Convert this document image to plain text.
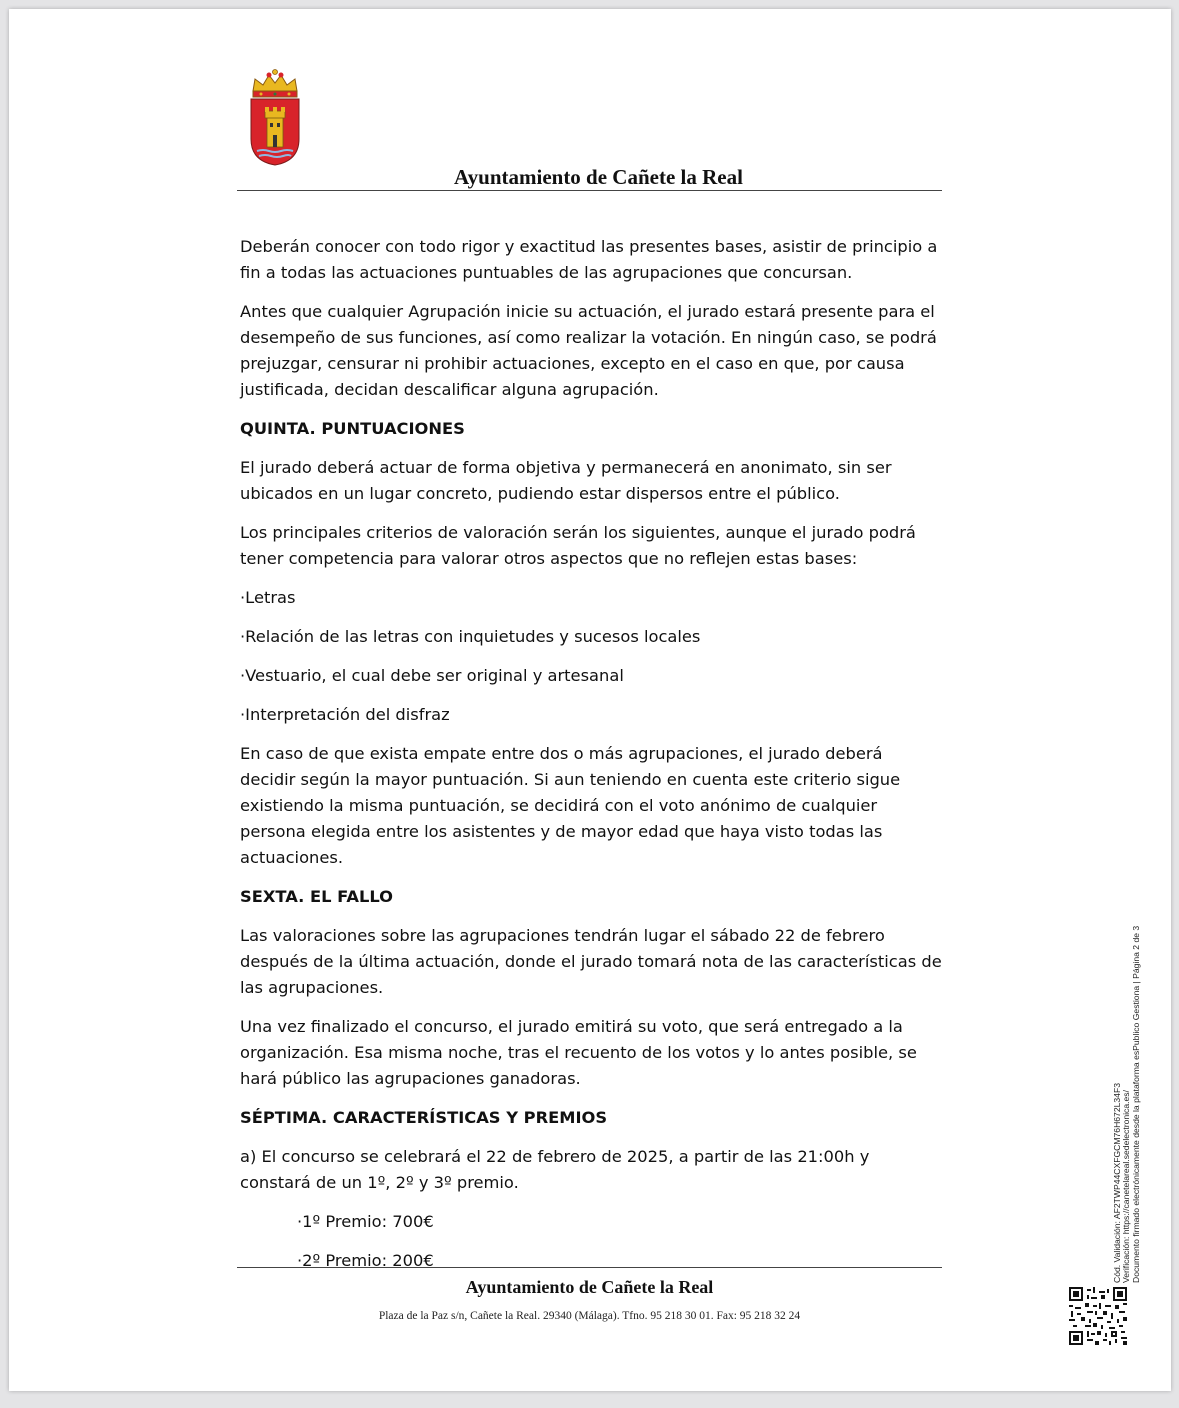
Ayuntamiento de Cañete la Real

Deberán conocer con todo rigor y exactitud las presentes bases, asistir de principio a fin a todas las actuaciones puntuables de las agrupaciones que concursan.

Antes que cualquier Agrupación inicie su actuación, el jurado estará presente para el desempeño de sus funciones, así como realizar la votación. En ningún caso, se podrá prejuzgar, censurar ni prohibir actuaciones, excepto en el caso en que, por causa justificada, decidan descalificar alguna agrupación.

QUINTA. PUNTUACIONES

El jurado deberá actuar de forma objetiva y permanecerá en anonimato, sin ser ubicados en un lugar concreto, pudiendo estar dispersos entre el público.

Los principales criterios de valoración serán los siguientes, aunque el jurado podrá tener competencia para valorar otros aspectos que no reflejen estas bases:

·Letras

·Relación de las letras con inquietudes y sucesos locales

·Vestuario, el cual debe ser original y artesanal

·Interpretación del disfraz

En caso de que exista empate entre dos o más agrupaciones, el jurado deberá decidir según la mayor puntuación. Si aun teniendo en cuenta este criterio sigue existiendo la misma puntuación, se decidirá con el voto anónimo de cualquier persona elegida entre los asistentes y de mayor edad que haya visto todas las actuaciones.

SEXTA. EL FALLO

Las valoraciones sobre las agrupaciones tendrán lugar el sábado 22 de febrero después de la última actuación, donde el jurado tomará nota de las características de las agrupaciones.

Una vez finalizado el concurso, el jurado emitirá su voto, que será entregado a la organización. Esa misma noche, tras el recuento de los votos y lo antes posible, se hará público las agrupaciones ganadoras.

SÉPTIMA. CARACTERÍSTICAS Y PREMIOS

a) El concurso se celebrará el 22 de febrero de 2025, a partir de las 21:00h y constará de un 1º, 2º y 3º premio.

·1º Premio: 700€

·2º Premio: 200€

Ayuntamiento de Cañete la Real
Plaza de la Paz s/n, Cañete la Real. 29340 (Málaga). Tfno. 95 218 30 01. Fax: 95 218 32 24
Cód. Validación: AF2TWP44CXFGCM76H672L34F3 Verificación: https://canetelareal.sedelectronica.es/ Documento firmado electrónicamente desde la plataforma esPublico Gestiona | Página 2 de 3
